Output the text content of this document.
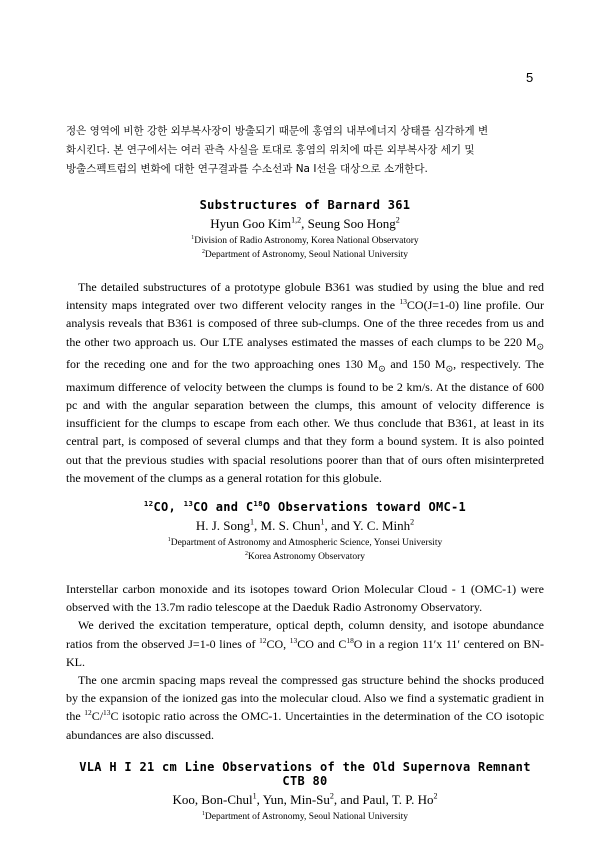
5

정은 영역에 비한 강한 외부복사장이 방출되기 때문에 홍염의 내부에너지 상태를 심각하게 변

화시킨다. 본 연구에서는 여러 관측 사실을 토대로 홍염의 위치에 따른 외부복사장 세기 및

방출스펙트럼의 변화에 대한 연구결과를 수소선과 Na I선을 대상으로 소개한다.

Substructures of Barnard 361
Hyun Goo Kim$^{1,2}$, Seung Soo Hong$^2$
$^1$Division of Radio Astronomy, Korea National Observatory
$^2$Department of Astronomy, Seoul National University

The detailed substructures of a prototype globule B361 was studied by using the blue and red intensity maps integrated over two different velocity ranges in the $^{13}$CO(J=1-0) line profile. Our analysis reveals that B361 is composed of three sub-clumps. One of the three recedes from us and the other two approach us. Our LTE analyses estimated the masses of each clumps to be 220 $M_⊙$ for the receding one and for the two approaching ones 130 $M_⊙$ and 150 $M_⊙$, respectively. The maximum difference of velocity between the clumps is found to be 2 km/s. At the distance of 600 pc and with the angular separation between the clumps, this amount of velocity difference is insufficient for the clumps to escape from each other. We thus conclude that B361, at least in its central part, is composed of several clumps and that they form a bound system. It is also pointed out that the previous studies with spacial resolutions poorer than that of ours often misinterpreted the movement of the clumps as a general rotation for this globule.

$^{12}$CO, $^{13}$CO and $C^{18}O$ Observations toward OMC-1
H. J. Song$^1$, M. S. Chun$^1$, and Y. C. Minh$^2$
$^1$Department of Astronomy and Atmospheric Science, Yonsei University
$^2$Korea Astronomy Observatory

Interstellar carbon monoxide and its isotopes toward Orion Molecular Cloud - 1 (OMC-1) were observed with the 13.7m radio telescope at the Daeduk Radio Astronomy Observatory.

We derived the excitation temperature, optical depth, column density, and isotope abundance ratios from the observed J=1-0 lines of $^{12}$CO, $^{13}$CO and $C^{18}O$ in a region 11′x 11′ centered on BN-KL.

The one arcmin spacing maps reveal the compressed gas structure behind the shocks produced by the expansion of the ionized gas into the molecular cloud. Also we find a systematic gradient in the $^{12}$C/$^{13}$C isotopic ratio across the OMC-1. Uncertainties in the determination of the CO isotopic abundances are also discussed.

VLA H I 21 cm Line Observations of the Old Supernova Remnant CTB 80
Koo, Bon-Chul$^1$, Yun, Min-Su$^2$, and Paul, T. P. Ho$^2$
$^1$Department of Astronomy, Seoul National University
